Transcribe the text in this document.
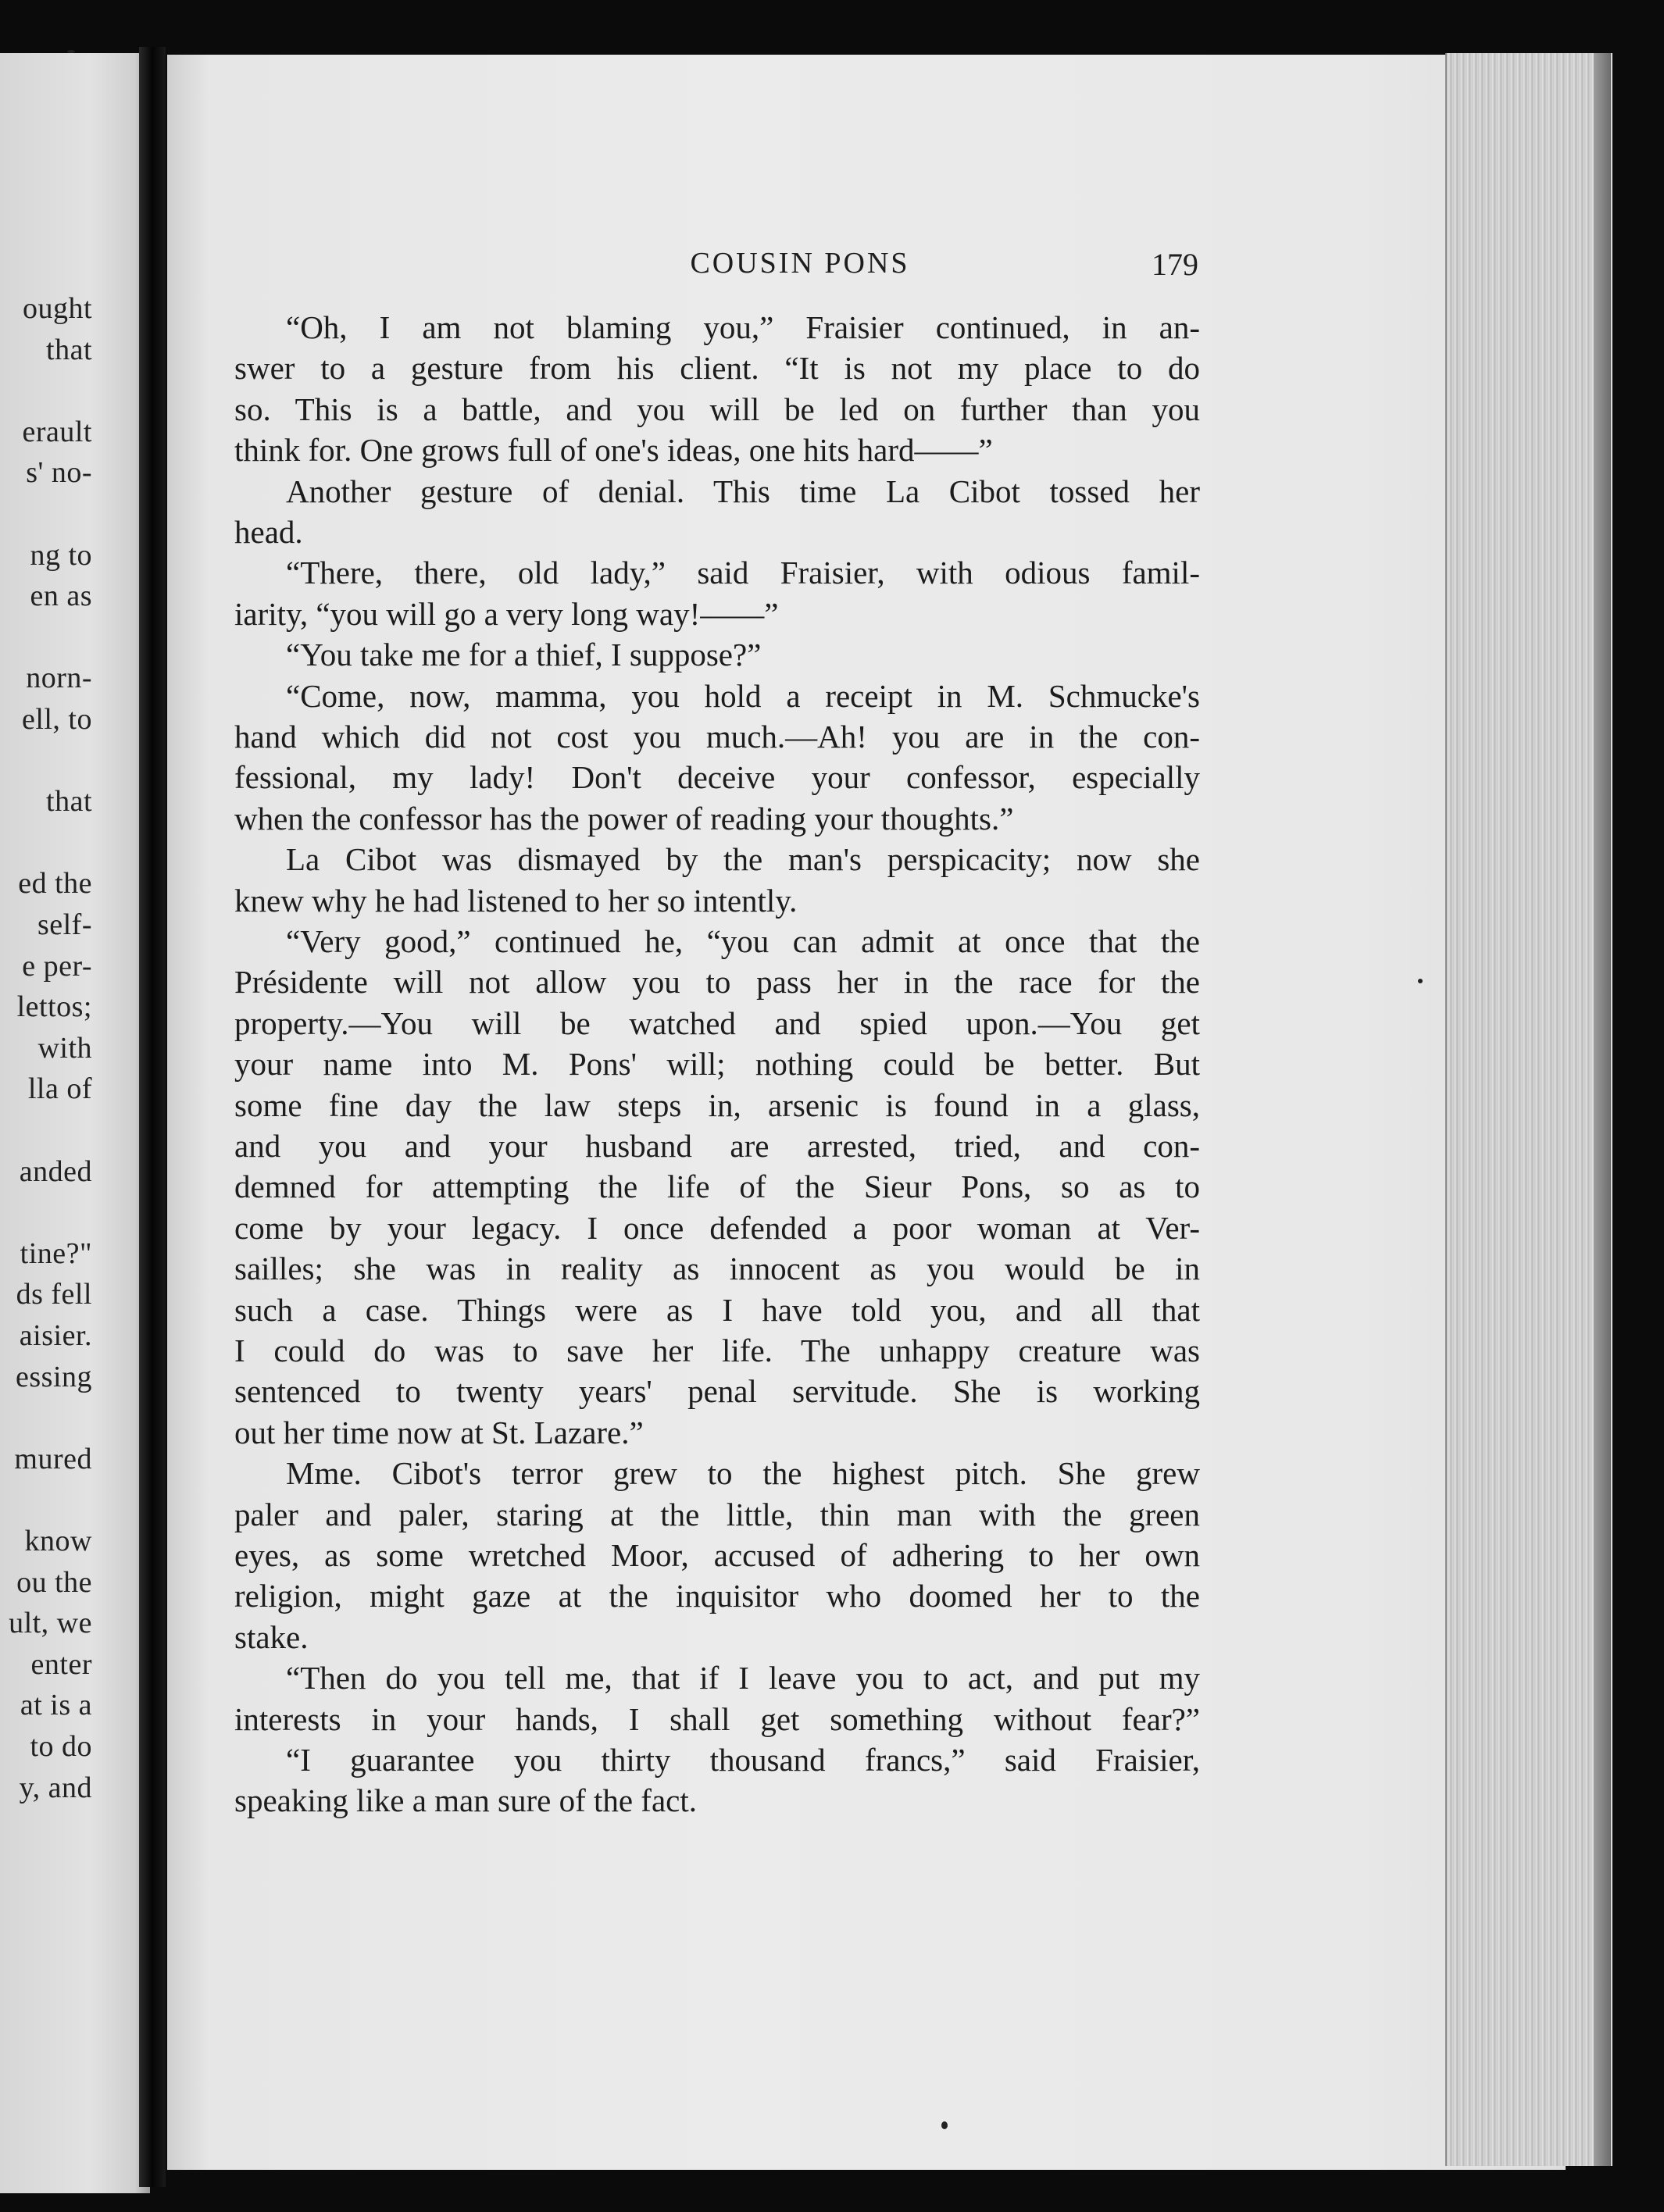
ought
that
erault
s' no-
ng to
en as
norn-
ell, to
that
ed the
self-
e per-
lettos;
with
lla of
anded
tine?"
ds fell
aisier.
essing
mured
know
ou the
ult, we
enter
at is a
to do
y, and
COUSIN PONS	179
“Oh, I am not blaming you,” Fraisier continued, in an-
swer to a gesture from his client. “It is not my place to do
so. This is a battle, and you will be led on further than you
think for. One grows full of one's ideas, one hits hard——”
Another gesture of denial. This time La Cibot tossed her
head.
“There, there, old lady,” said Fraisier, with odious famil-
iarity, “you will go a very long way!——”
“You take me for a thief, I suppose?”
“Come, now, mamma, you hold a receipt in M. Schmucke's
hand which did not cost you much.—Ah! you are in the con-
fessional, my lady! Don't deceive your confessor, especially
when the confessor has the power of reading your thoughts.”
La Cibot was dismayed by the man's perspicacity; now she
knew why he had listened to her so intently.
“Very good,” continued he, “you can admit at once that the
Présidente will not allow you to pass her in the race for the
property.—You will be watched and spied upon.—You get
your name into M. Pons' will; nothing could be better. But
some fine day the law steps in, arsenic is found in a glass,
and you and your husband are arrested, tried, and con-
demned for attempting the life of the Sieur Pons, so as to
come by your legacy. I once defended a poor woman at Ver-
sailles; she was in reality as innocent as you would be in
such a case. Things were as I have told you, and all that
I could do was to save her life. The unhappy creature was
sentenced to twenty years' penal servitude. She is working
out her time now at St. Lazare.”
Mme. Cibot's terror grew to the highest pitch. She grew
paler and paler, staring at the little, thin man with the green
eyes, as some wretched Moor, accused of adhering to her own
religion, might gaze at the inquisitor who doomed her to the
stake.
“Then do you tell me, that if I leave you to act, and put my
interests in your hands, I shall get something without fear?”
“I guarantee you thirty thousand francs,” said Fraisier,
speaking like a man sure of the fact.
